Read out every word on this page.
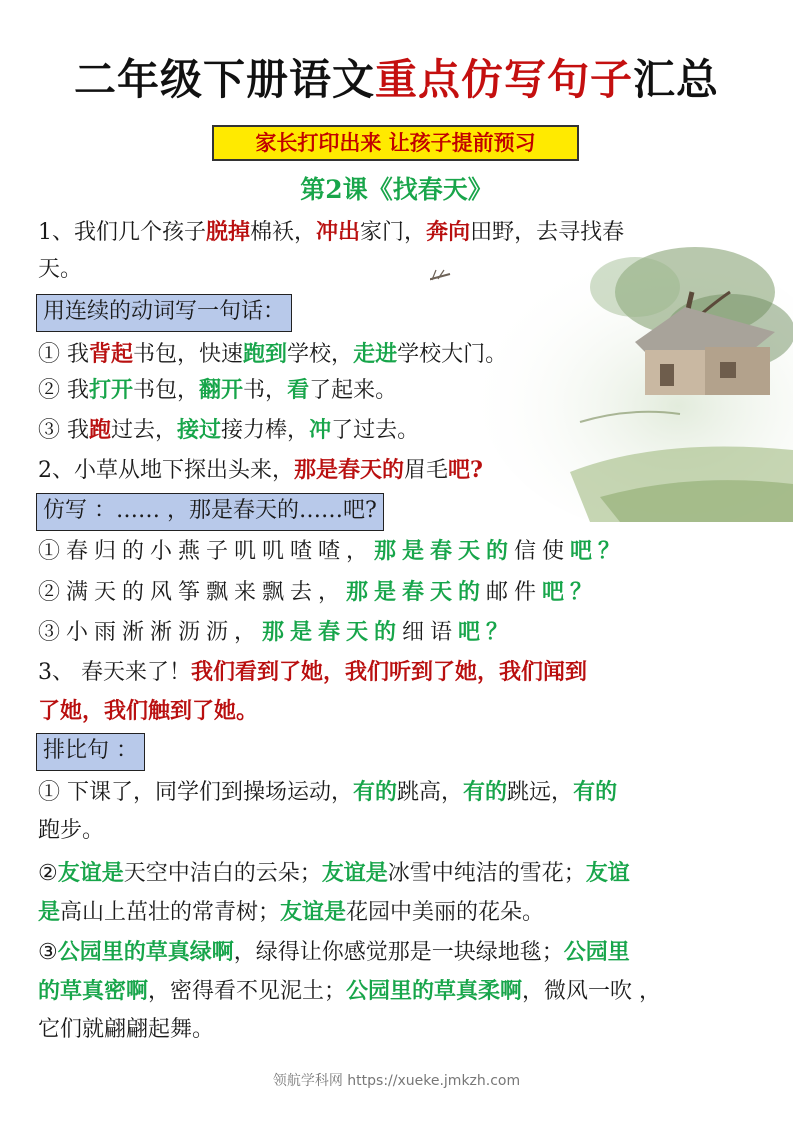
二年级下册语文重点仿写句子汇总
家长打印出来 让孩子提前预习
第2课《找春天》
1、我们几个孩子脱掉棉袄，冲出家门，奔向田野，去寻找春
天。
用连续的动词写一句话：
① 我背起书包，快速跑到学校，走进学校大门。
② 我打开书包，翻开书，看了起来。
③ 我跑过去，接过接力棒，冲了过去。
2、小草从地下探出头来，那是春天的眉毛吧?
仿写 ：…… ，那是春天的……吧?
①春归的小燕子叽叽喳喳，那是春天的信使吧？
②满天的风筝飘来飘去，那是春天的邮件吧？
③小雨淅淅沥沥，那是春天的细语吧？
3、 春天来了！我们看到了她，我们听到了她，我们闻到
了她，我们触到了她。
排比句 ：
① 下课了，同学们到操场运动，有的跳高，有的跳远，有的
跑步。
②友谊是天空中洁白的云朵；友谊是冰雪中纯洁的雪花；友谊
是高山上茁壮的常青树；友谊是花园中美丽的花朵。
③公园里的草真绿啊，绿得让你感觉那是一块绿地毯；公园里
的草真密啊，密得看不见泥土；公园里的草真柔啊，微风一吹 ，
它们就翩翩起舞。
领航学科网 https://xueke.jmkzh.com
